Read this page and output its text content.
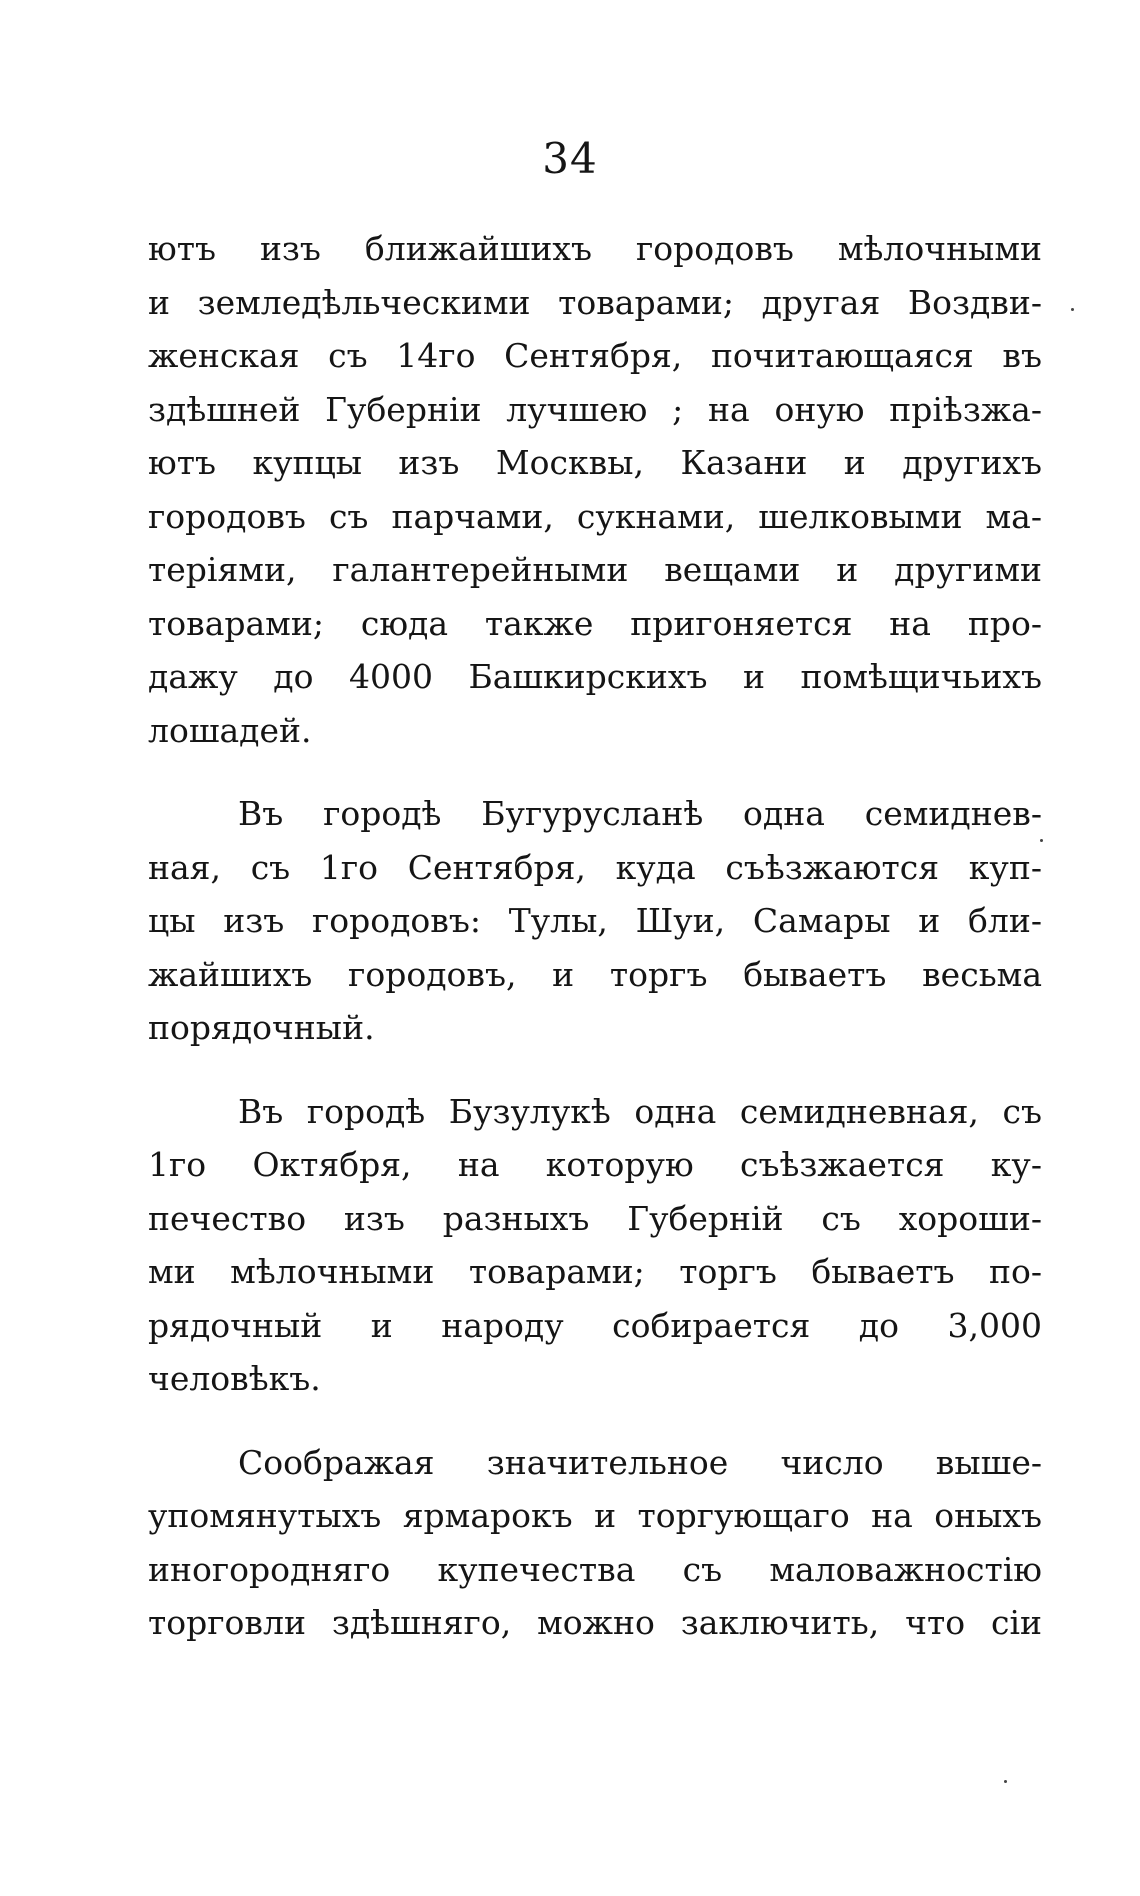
34
ютъ изъ ближайшихъ городовъ мѣлочными
и земледѣльческими товарами; другая Воздви-
женская съ 14го Сентября, почитающаяся въ
здѣшней Губерніи лучшею ; на оную пріѣзжа-
ютъ купцы изъ Москвы, Казани и другихъ
городовъ съ парчами, сукнами, шелковыми ма-
теріями, галантерейными вещами и другими
товарами; сюда также пригоняется на про-
дажу до 4000 Башкирскихъ и помѣщичьихъ
лошадей.
Въ городѣ Бугурусланѣ одна семиднев-
ная, съ 1го Сентября, куда съѣзжаются куп-
цы изъ городовъ: Тулы, Шуи, Самары и бли-
жайшихъ городовъ, и торгъ бываетъ весьма
порядочный.
Въ городѣ Бузулукѣ одна семидневная, съ
1го Октября, на которую съѣзжается ку-
печество изъ разныхъ Губерній съ хороши-
ми мѣлочными товарами; торгъ бываетъ по-
рядочный и народу собирается до 3,000
человѣкъ.
Соображая значительное число выше-
упомянутыхъ ярмарокъ и торгующаго на оныхъ
иногородняго купечества съ маловажностію
торговли здѣшняго, можно заключить, что сіи
